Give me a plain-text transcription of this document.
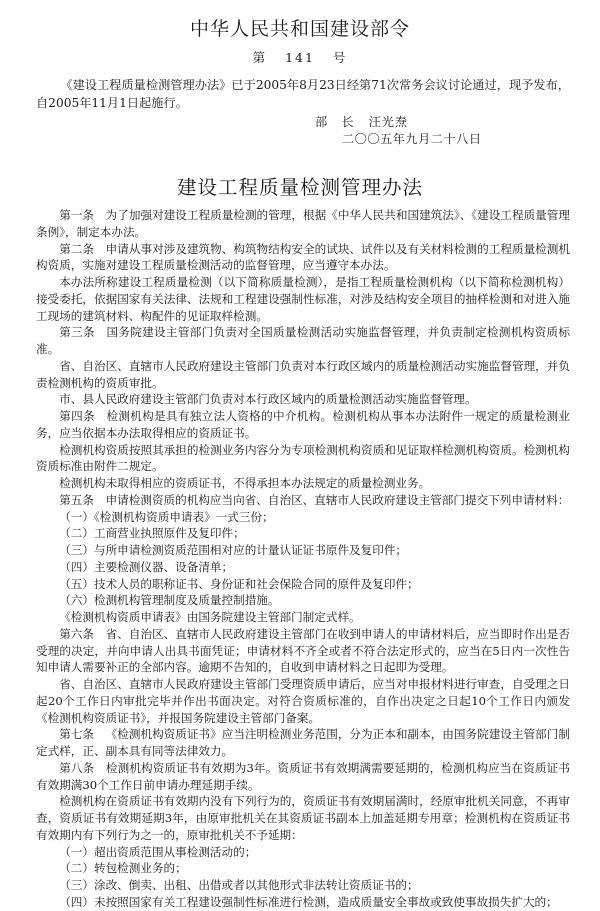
中华人民共和国建设部令
第 141 号
《建设工程质量检测管理办法》已于2005年8月23日经第71次常务会议讨论通过，现予发布，自2005年11月1日起施行。
部　长 汪光焘
二〇〇五年九月二十八日
建设工程质量检测管理办法

第一条 为了加强对建设工程质量检测的管理，根据《中华人民共和国建筑法》、《建设工程质量管理条例》，制定本办法。

第二条 申请从事对涉及建筑物、构筑物结构安全的试块、试件以及有关材料检测的工程质量检测机构资质，实施对建设工程质量检测活动的监督管理，应当遵守本办法。

本办法所称建设工程质量检测（以下简称质量检测），是指工程质量检测机构（以下简称检测机构）接受委托，依据国家有关法律、法规和工程建设强制性标准，对涉及结构安全项目的抽样检测和对进入施工现场的建筑材料、构配件的见证取样检测。

第三条 国务院建设主管部门负责对全国质量检测活动实施监督管理，并负责制定检测机构资质标准。

省、自治区、直辖市人民政府建设主管部门负责对本行政区域内的质量检测活动实施监督管理，并负责检测机构的资质审批。

市、县人民政府建设主管部门负责对本行政区域内的质量检测活动实施监督管理。

第四条 检测机构是具有独立法人资格的中介机构。检测机构从事本办法附件一规定的质量检测业务，应当依据本办法取得相应的资质证书。

检测机构资质按照其承担的检测业务内容分为专项检测机构资质和见证取样检测机构资质。检测机构资质标准由附件二规定。

检测机构未取得相应的资质证书，不得承担本办法规定的质量检测业务。

第五条 申请检测资质的机构应当向省、自治区、直辖市人民政府建设主管部门提交下列申请材料：

（一）《检测机构资质申请表》一式三份；

（二）工商营业执照原件及复印件；

（三）与所申请检测资质范围相对应的计量认证证书原件及复印件；

（四）主要检测仪器、设备清单；

（五）技术人员的职称证书、身份证和社会保险合同的原件及复印件；

（六）检测机构管理制度及质量控制措施。

《检测机构资质申请表》由国务院建设主管部门制定式样。

第六条 省、自治区、直辖市人民政府建设主管部门在收到申请人的申请材料后，应当即时作出是否受理的决定，并向申请人出具书面凭证；申请材料不齐全或者不符合法定形式的，应当在5日内一次性告知申请人需要补正的全部内容。逾期不告知的，自收到申请材料之日起即为受理。

省、自治区、直辖市人民政府建设主管部门受理资质申请后，应当对申报材料进行审查，自受理之日起20个工作日内审批完毕并作出书面决定。对符合资质标准的，自作出决定之日起10个工作日内颁发《检测机构资质证书》，并报国务院建设主管部门备案。

第七条 《检测机构资质证书》应当注明检测业务范围，分为正本和副本，由国务院建设主管部门制定式样，正、副本具有同等法律效力。

第八条 检测机构资质证书有效期为3年。资质证书有效期满需要延期的，检测机构应当在资质证书有效期满30个工作日前申请办理延期手续。

检测机构在资质证书有效期内没有下列行为的，资质证书有效期届满时，经原审批机关同意，不再审查，资质证书有效期延期3年，由原审批机关在其资质证书副本上加盖延期专用章；检测机构在资质证书有效期内有下列行为之一的，原审批机关不予延期：

（一）超出资质范围从事检测活动的；

（二）转包检测业务的；

（三）涂改、倒卖、出租、出借或者以其他形式非法转让资质证书的；

（四）未按照国家有关工程建设强制性标准进行检测，造成质量安全事故或致使事故损失扩大的；
